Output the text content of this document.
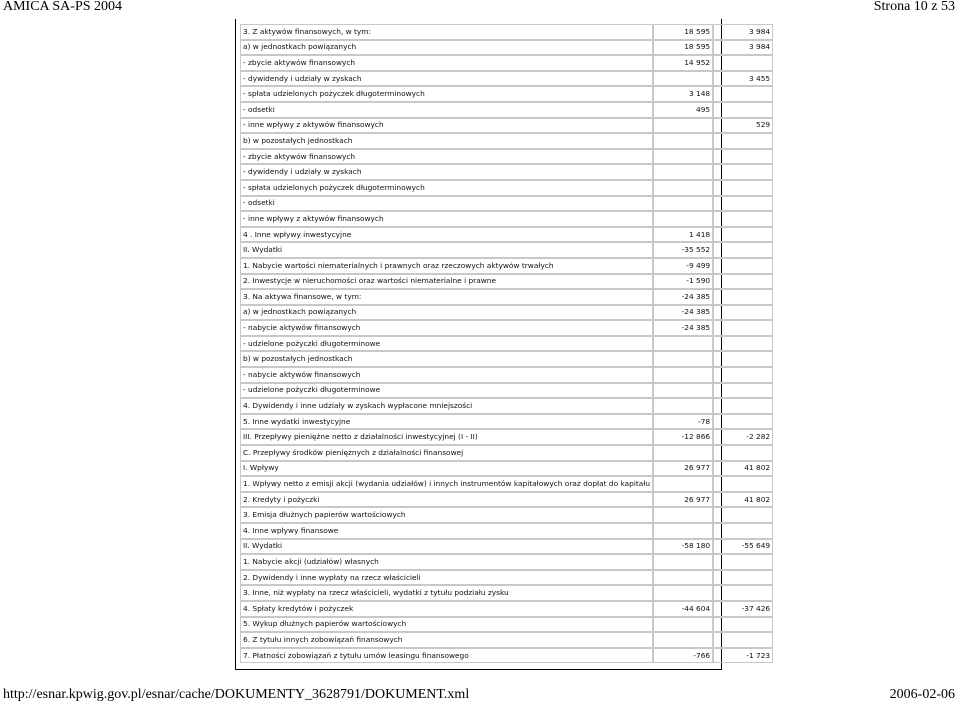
AMICA SA-PS 2004	Strona 10 z 53
3. Z aktywów finansowych, w tym:	18 595	3 984
a) w jednostkach powiązanych	18 595	3 984
- zbycie aktywów finansowych	14 952	
- dywidendy i udziały w zyskach		3 455
- spłata udzielonych pożyczek długoterminowych	3 148	
- odsetki	495	
- inne wpływy z aktywów finansowych		529
b) w pozostałych jednostkach		
- zbycie aktywów finansowych		
- dywidendy i udziały w zyskach		
- spłata udzielonych pożyczek długoterminowych		
- odsetki		
- inne wpływy z aktywów finansowych		
4 . Inne wpływy inwestycyjne	1 418	
II. Wydatki	-35 552	
1. Nabycie wartości niematerialnych i prawnych oraz rzeczowych aktywów trwałych	-9 499	
2. Inwestycje w nieruchomości oraz wartości niematerialne i prawne	-1 590	
3. Na aktywa finansowe, w tym:	-24 385	
a) w jednostkach powiązanych	-24 385	
- nabycie aktywów finansowych	-24 385	
- udzielone pożyczki długoterminowe		
b) w pozostałych jednostkach		
- nabycie aktywów finansowych		
- udzielone pożyczki długoterminowe		
4. Dywidendy i inne udziały w zyskach wypłacone mniejszości		
5. Inne wydatki inwestycyjne	-78	
III. Przepływy pieniężne netto z działalności inwestycyjnej (I - II)	-12 866	-2 282
C. Przepływy środków pieniężnych z działalności finansowej		
I. Wpływy	26 977	41 802
1. Wpływy netto z emisji akcji (wydania udziałów) i innych instrumentów kapitałowych oraz dopłat do kapitału		
2. Kredyty i pożyczki	26 977	41 802
3. Emisja dłużnych papierów wartościowych		
4. Inne wpływy finansowe		
II. Wydatki	-58 180	-55 649
1. Nabycie akcji (udziałów) własnych		
2. Dywidendy i inne wypłaty na rzecz właścicieli		
3. Inne, niż wypłaty na rzecz właścicieli, wydatki z tytułu podziału zysku		
4. Spłaty kredytów i pożyczek	-44 604	-37 426
5. Wykup dłużnych papierów wartościowych		
6. Z tytułu innych zobowiązań finansowych		
7. Płatności zobowiązań z tytułu umów leasingu finansowego	-766	-1 723
http://esnar.kpwig.gov.pl/esnar/cache/DOKUMENTY_3628791/DOKUMENT.xml	2006-02-06
